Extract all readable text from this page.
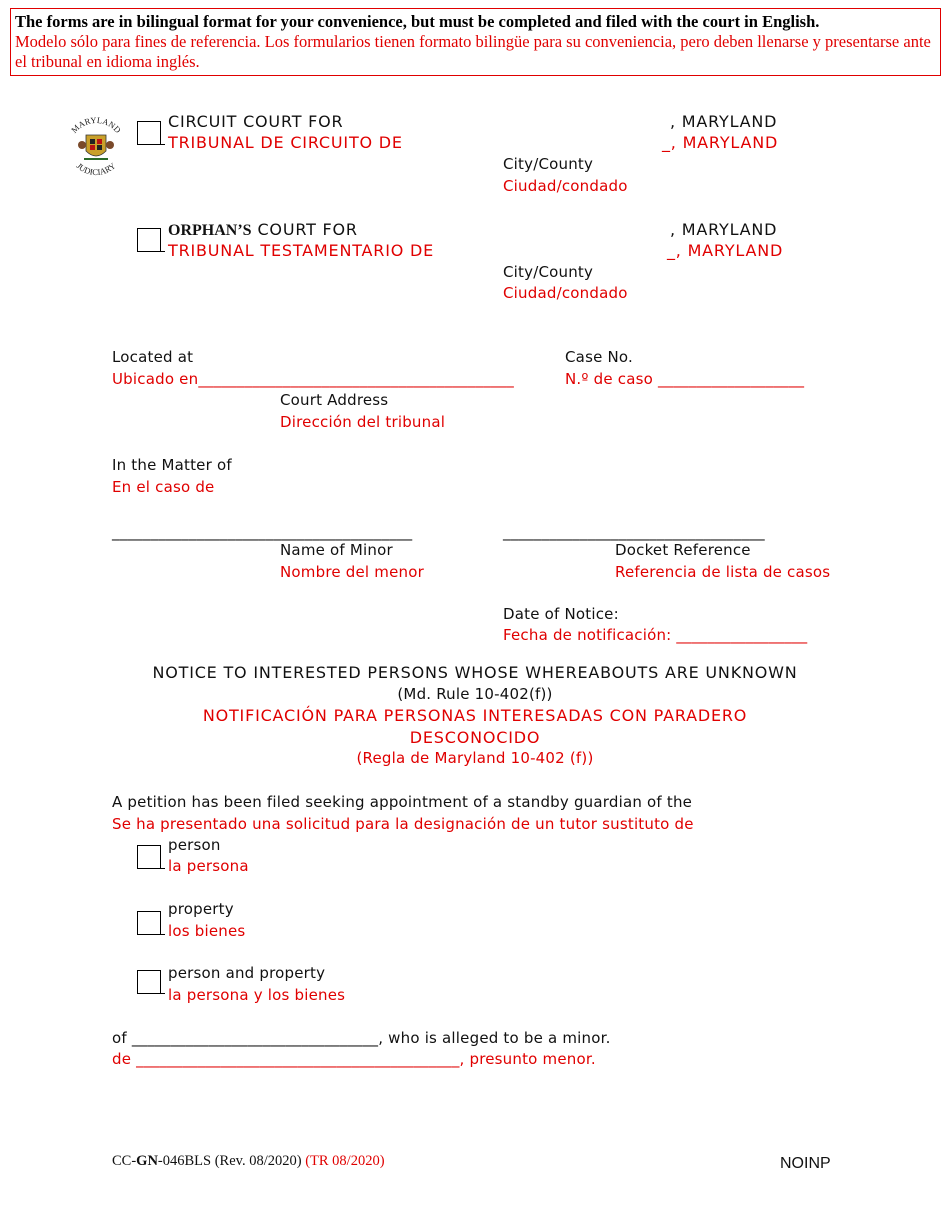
The forms are in bilingual format for your convenience, but must be completed and filed with the court in English.
Modelo sólo para fines de referencia. Los formularios tienen formato bilingüe para su conveniencia, pero deben llenarse y presentarse ante el tribunal en idioma inglés.
MARYLAND
JUDICIARY
CIRCUIT COURT FOR
TRIBUNAL DE CIRCUITO DE
, MARYLAND
_, MARYLAND
City/County
Ciudad/condado
ORPHAN’S COURT FOR
TRIBUNAL TESTAMENTARIO DE
, MARYLAND
_, MARYLAND
City/County
Ciudad/condado
Located at
Ubicado en_________________________________________
Court Address
Dirección del tribunal
Case No.
N.º de caso ___________________
In the Matter of
En el caso de
_______________________________________
Name of Minor
Nombre del menor
__________________________________
Docket Reference
Referencia de lista de casos
Date of Notice:
Fecha de notificación: _________________
NOTICE TO INTERESTED PERSONS WHOSE WHEREABOUTS ARE UNKNOWN
(Md. Rule 10-402(f))
NOTIFICACIÓN PARA PERSONAS INTERESADAS CON PARADERO
DESCONOCIDO
(Regla de Maryland 10-402 (f))
A petition has been filed seeking appointment of a standby guardian of the
Se ha presentado una solicitud para la designación de un tutor sustituto de
person
la persona
property
los bienes
person and property
la persona y los bienes
of ________________________________, who is alleged to be a minor.
de __________________________________________, presunto menor.
CC-GN-046BLS (Rev. 08/2020) (TR 08/2020)	NOINP
